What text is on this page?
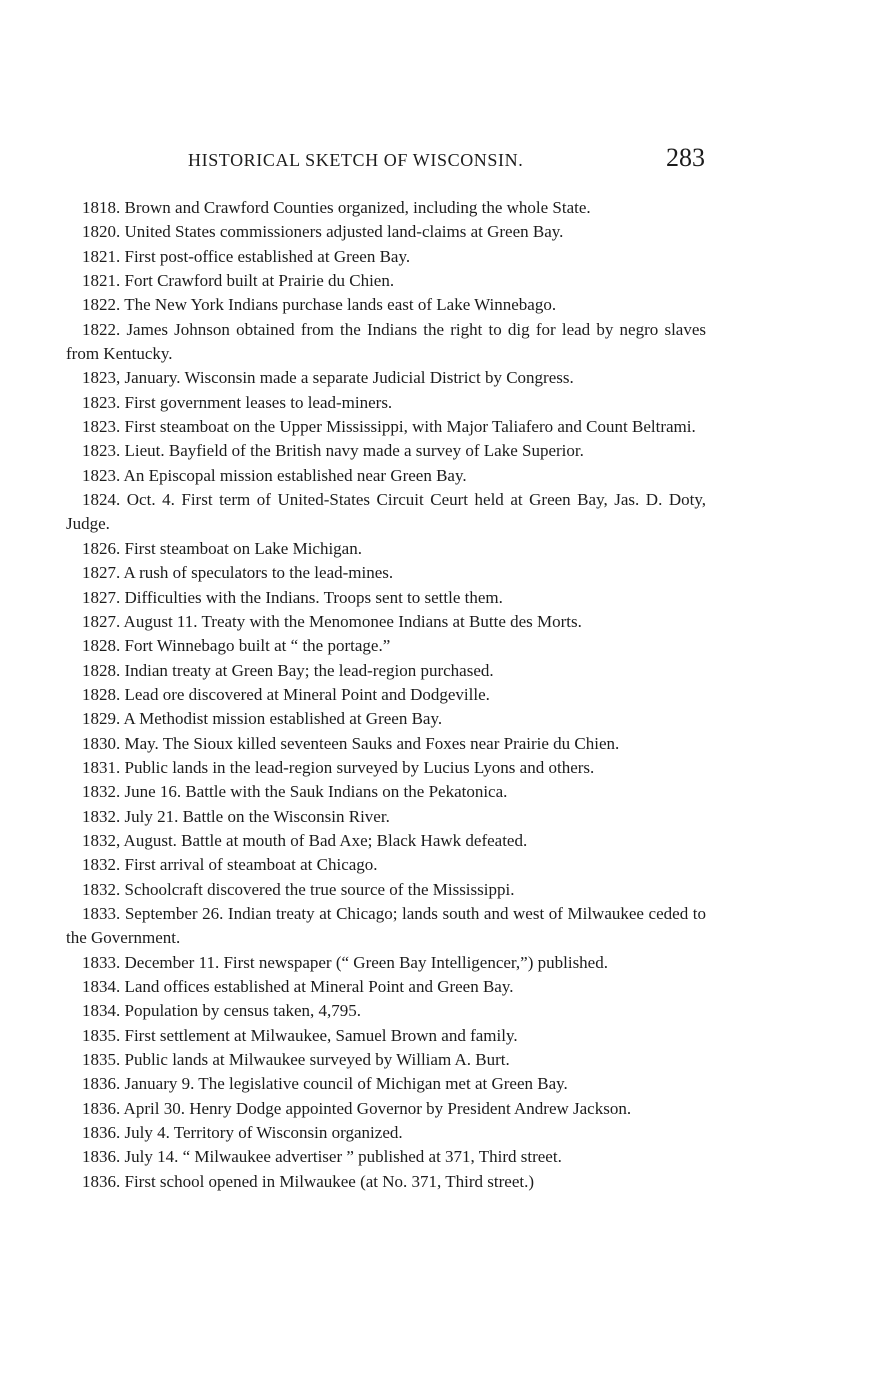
HISTORICAL SKETCH OF WISCONSIN.	283
1818. Brown and Crawford Counties organized, including the whole State.
1820. United States commissioners adjusted land-claims at Green Bay.
1821. First post-office established at Green Bay.
1821. Fort Crawford built at Prairie du Chien.
1822. The New York Indians purchase lands east of Lake Winnebago.
1822. James Johnson obtained from the Indians the right to dig for lead by negro slaves from Kentucky.
1823, January. Wisconsin made a separate Judicial District by Congress.
1823. First government leases to lead-miners.
1823. First steamboat on the Upper Mississippi, with Major Taliafero and Count Beltrami.
1823. Lieut. Bayfield of the British navy made a survey of Lake Superior.
1823. An Episcopal mission established near Green Bay.
1824. Oct. 4. First term of United-States Circuit Ceurt held at Green Bay, Jas. D. Doty, Judge.
1826. First steamboat on Lake Michigan.
1827. A rush of speculators to the lead-mines.
1827. Difficulties with the Indians. Troops sent to settle them.
1827. August 11. Treaty with the Menomonee Indians at Butte des Morts.
1828. Fort Winnebago built at “ the portage.”
1828. Indian treaty at Green Bay; the lead-region purchased.
1828. Lead ore discovered at Mineral Point and Dodgeville.
1829. A Methodist mission established at Green Bay.
1830. May. The Sioux killed seventeen Sauks and Foxes near Prairie du Chien.
1831. Public lands in the lead-region surveyed by Lucius Lyons and others.
1832. June 16. Battle with the Sauk Indians on the Pekatonica.
1832. July 21. Battle on the Wisconsin River.
1832, August. Battle at mouth of Bad Axe; Black Hawk defeated.
1832. First arrival of steamboat at Chicago.
1832. Schoolcraft discovered the true source of the Mississippi.
1833. September 26. Indian treaty at Chicago; lands south and west of Milwaukee ceded to the Government.
1833. December 11. First newspaper (“ Green Bay Intelligencer,”) published.
1834. Land offices established at Mineral Point and Green Bay.
1834. Population by census taken, 4,795.
1835. First settlement at Milwaukee, Samuel Brown and family.
1835. Public lands at Milwaukee surveyed by William A. Burt.
1836. January 9. The legislative council of Michigan met at Green Bay.
1836. April 30. Henry Dodge appointed Governor by President Andrew Jackson.
1836. July 4. Territory of Wisconsin organized.
1836. July 14. “ Milwaukee advertiser ” published at 371, Third street.
1836. First school opened in Milwaukee (at No. 371, Third street.)
